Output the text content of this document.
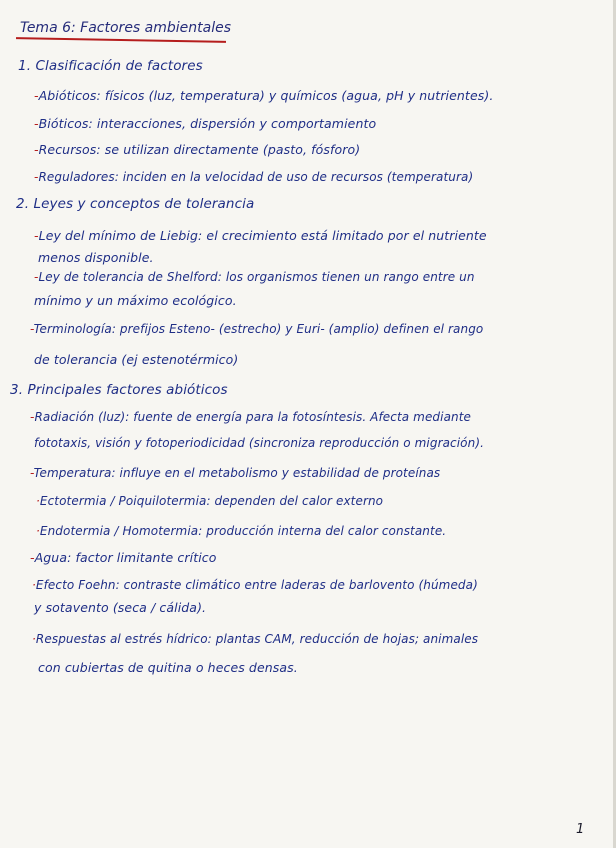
Tema 6: Factores ambientales
1. Clasificación de factores
-Abióticos: físicos (luz, temperatura) y químicos (agua, pH y nutrientes).
-Bióticos: interacciones, dispersión y comportamiento
-Recursos: se utilizan directamente (pasto, fósforo)
-Reguladores: inciden en la velocidad de uso de recursos (temperatura)
2. Leyes y conceptos de tolerancia
-Ley del mínimo de Liebig: el crecimiento está limitado por el nutriente
menos disponible.
-Ley de tolerancia de Shelford: los organismos tienen un rango entre un
mínimo y un máximo ecológico.
-Terminología: prefijos Esteno- (estrecho) y Euri- (amplio) definen el rango
de tolerancia (ej estenotérmico)
3. Principales factores abióticos
-Radiación (luz): fuente de energía para la fotosíntesis. Afecta mediante
fototaxis, visión y fotoperiodicidad (sincroniza reproducción o migración).
-Temperatura: influye en el metabolismo y estabilidad de proteínas
·Ectotermia / Poiquilotermia: dependen del calor externo
·Endotermia / Homotermia: producción interna del calor constante.
-Agua: factor limitante crítico
·Efecto Foehn: contraste climático entre laderas de barlovento (húmeda)
y sotavento (seca / cálida).
·Respuestas al estrés hídrico: plantas CAM, reducción de hojas; animales
con cubiertas de quitina o heces densas.
1
